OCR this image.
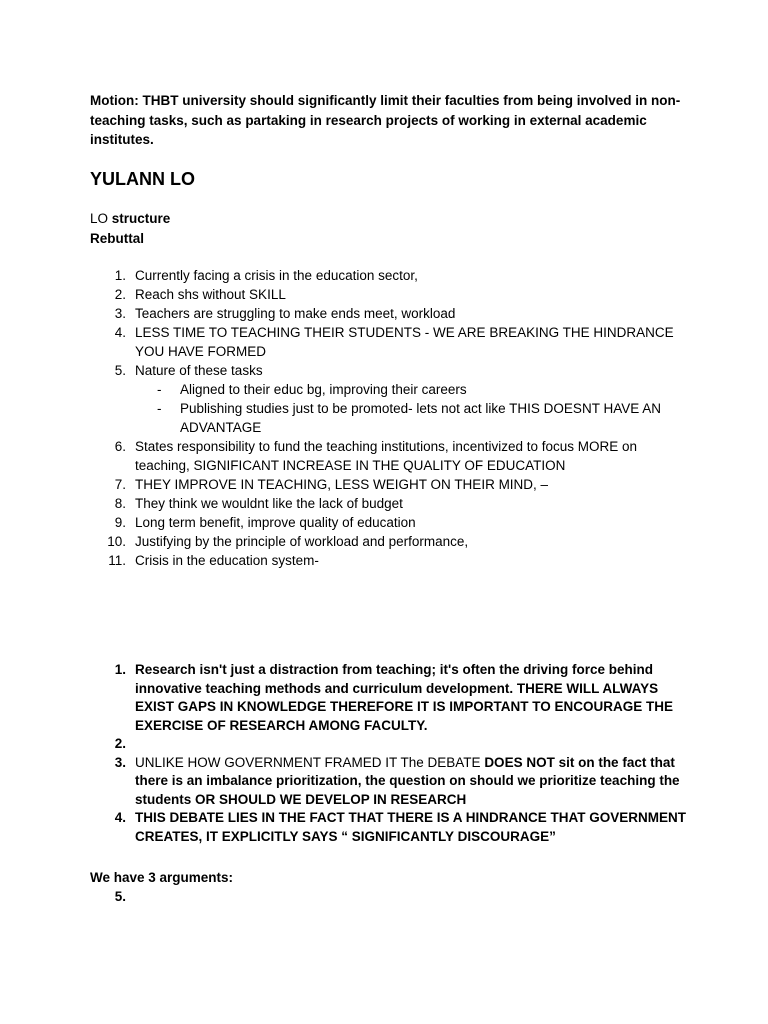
Motion: THBT university should significantly limit their faculties from being involved in non-teaching tasks, such as partaking in research projects of working in external academic institutes.
YULANN LO
LO structure
Rebuttal
1. Currently facing a crisis in the education sector,
2. Reach shs without SKILL
3. Teachers are struggling to make ends meet, workload
4. LESS TIME TO TEACHING THEIR STUDENTS - WE ARE BREAKING THE HINDRANCE YOU HAVE FORMED
5. Nature of these tasks
- Aligned to their educ bg, improving their careers
- Publishing studies just to be promoted- lets not act like THIS DOESNT HAVE AN ADVANTAGE
6. States responsibility to fund the teaching institutions, incentivized to focus MORE on teaching, SIGNIFICANT INCREASE IN THE QUALITY OF EDUCATION
7. THEY IMPROVE IN TEACHING, LESS WEIGHT ON THEIR MIND, –
8. They think we wouldnt like the lack of budget
9. Long term benefit, improve quality of education
10. Justifying by the principle of workload and performance,
11. Crisis in the education system-
1. Research isn't just a distraction from teaching; it's often the driving force behind innovative teaching methods and curriculum development. THERE WILL ALWAYS EXIST GAPS IN KNOWLEDGE THEREFORE IT IS IMPORTANT TO ENCOURAGE THE EXERCISE OF RESEARCH AMONG FACULTY.
2.
3. UNLIKE HOW GOVERNMENT FRAMED IT The DEBATE DOES NOT sit on the fact that there is an imbalance prioritization, the question on should we prioritize teaching the students OR SHOULD WE DEVELOP IN RESEARCH
4. THIS DEBATE LIES IN THE FACT THAT THERE IS A HINDRANCE THAT GOVERNMENT CREATES, IT EXPLICITLY SAYS “ SIGNIFICANTLY DISCOURAGE”
We have 3 arguments:
5.
